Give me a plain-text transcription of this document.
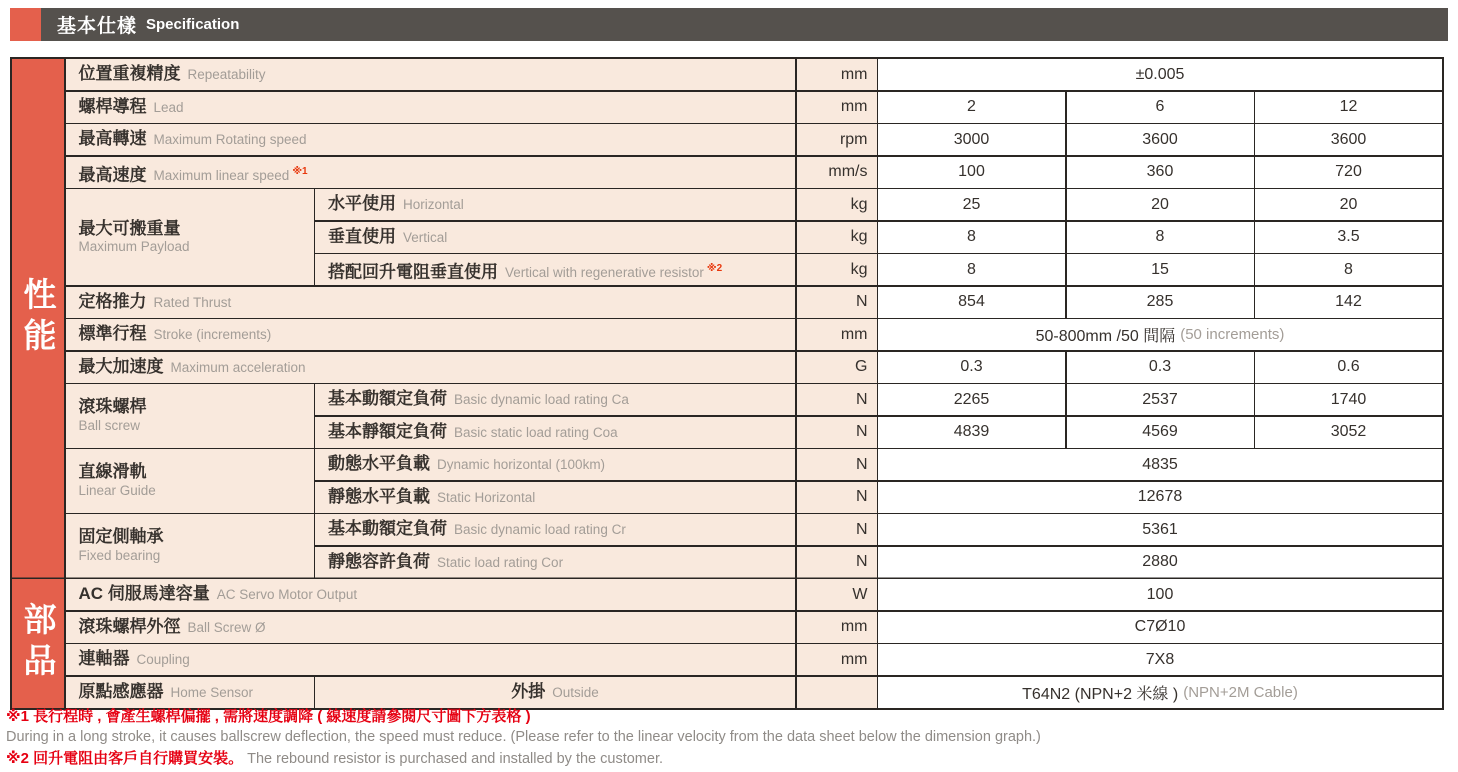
基本仕樣 Specification
性能
部品
位置重複精度 Repeatability	mm	±0.005
螺桿導程 Lead	mm	2	6	12
最高轉速 Maximum Rotating speed	rpm	3000	3600	3600
最高速度 Maximum linear speed $^{※1}$	mm/s	100	360	720
最大可搬重量
Maximum Payload
水平使用 Horizontal	kg	25	20	20
垂直使用 Vertical	kg	8	8	3.5
搭配回升電阻垂直使用 Vertical with regenerative resistor $^{※2}$	kg	8	15	8
定格推力 Rated Thrust	N	854	285	142
標準行程 Stroke (increments)	mm	50-800mm /50 間隔 (50 increments)
最大加速度 Maximum acceleration	G	0.3	0.3	0.6
滾珠螺桿
Ball screw
基本動額定負荷 Basic dynamic load rating Ca	N	2265	2537	1740
基本靜額定負荷 Basic static load rating Coa	N	4839	4569	3052
直線滑軌
Linear Guide
動態水平負載 Dynamic horizontal (100km)	N	4835
靜態水平負載 Static Horizontal	N	12678
固定側軸承
Fixed bearing
基本動額定負荷 Basic dynamic load rating Cr	N	5361
靜態容許負荷 Static load rating Cor	N	2880
AC 伺服馬達容量 AC Servo Motor Output	W	100
滾珠螺桿外徑 Ball Screw Ø	mm	C7Ø10
連軸器 Coupling	mm	7X8
原點感應器 Home Sensor	外掛 Outside	T64N2 (NPN+2 米線 ) (NPN+2M Cable)
※1 長行程時 , 會產生螺桿偏擺 , 需將速度調降 ( 線速度請參閱尺寸圖下方表格 )
During in a long stroke, it causes ballscrew deflection, the speed must reduce. (Please refer to the linear velocity from the data sheet below the dimension graph.)
※2 回升電阻由客戶自行購買安裝。 The rebound resistor is purchased and installed by the customer.
